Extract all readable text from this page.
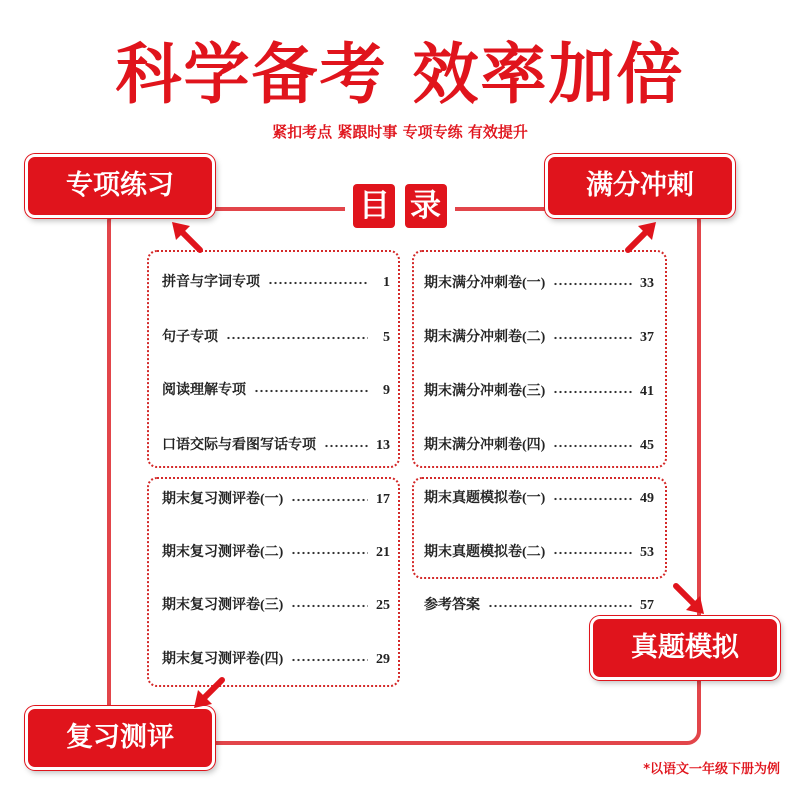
科学备考 效率加倍
紧扣考点 紧跟时事 专项专练 有效提升
目 录
拼音与字词专项	1
句子专项	5
阅读理解专项	9
口语交际与看图写话专项	13
期末复习测评卷(一)	17
期末复习测评卷(二)	21
期末复习测评卷(三)	25
期末复习测评卷(四)	29
期末满分冲刺卷(一)	33
期末满分冲刺卷(二)	37
期末满分冲刺卷(三)	41
期末满分冲刺卷(四)	45
期末真题模拟卷(一)	49
期末真题模拟卷(二)	53
参考答案	57
专项练习	满分冲刺
真题模拟
复习测评
*以语文一年级下册为例
